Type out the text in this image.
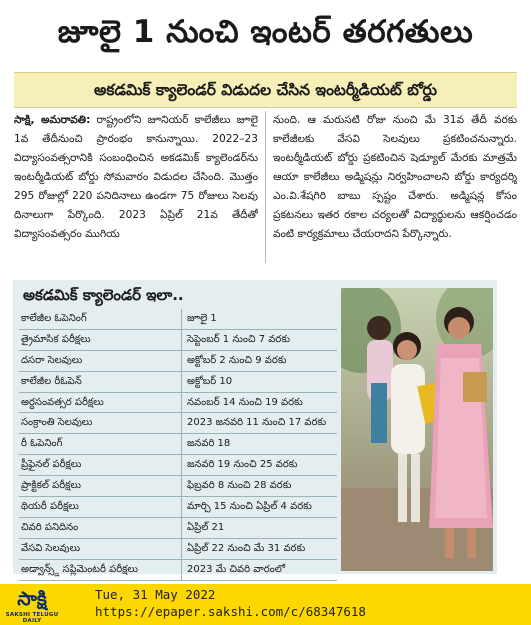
జూలై 1 నుంచి ఇంటర్ తరగతులు
అకడమిక్ క్యాలెండర్ విడుదల చేసిన ఇంటర్మీడియట్ బోర్డు
సాక్షి, అమరావతి: రాష్ట్రంలోని జూనియర్ కాలేజీలు జూలై 1వ తేదీనుంచి ప్రారంభం కానున్నాయి. 2022–23 విద్యాసంవత్సరానికి సంబంధించిన అకడమిక్ క్యాలెండర్‌ను ఇంటర్మీడియట్ బోర్డు సోమవారం విడుదల చేసింది. మొత్తం 295 రోజుల్లో 220 పనిదినాలు ఉండగా 75 రోజులు సెలవు దినాలుగా పేర్కొంది. 2023 ఏప్రిల్ 21వ తేదీతో విద్యాసంవత్సరం ముగియ
నుంది. ఆ మరుసటి రోజు నుంచి మే 31వ తేదీ వరకు కాలేజీలకు వేసవి సెలవులు ప్రకటించనున్నారు. ఇంటర్మీడియట్ బోర్డు ప్రకటించిన షెడ్యూల్ మేరకు మాత్రమే ఆయా కాలేజీలు అడ్మిషన్లు నిర్వహించాలని బోర్డు కార్యదర్శి ఎం.వి.శేషగిరి బాబు స్పష్టం చేశారు. అడ్మిషన్ల కోసం ప్రకటనలు ఇతర రకాల చర్యలతో విద్యార్థులను ఆకర్షించడం వంటి కార్యక్రమాలు చేయరాదని పేర్కొన్నారు.
అకడమిక్ క్యాలెండర్ ఇలా..
కాలేజీల ఓపెనింగ్	జూలై 1
త్రైమాసిక పరీక్షలు	సెప్టెంబర్ 1 నుంచి 7 వరకు
దసరా సెలవులు	అక్టోబర్ 2 నుంచి 9 వరకు
కాలేజీల రీఓపెన్	అక్టోబర్ 10
అర్ధసంవత్సర పరీక్షలు	నవంబర్ 14 నుంచి 19 వరకు
సంక్రాంతి సెలవులు	2023 జనవరి 11 నుంచి 17 వరకు
రీ ఓపెనింగ్	జనవరి 18
ప్రీఫైనల్ పరీక్షలు	జనవరి 19 నుంచి 25 వరకు
ప్రాక్టికల్ పరీక్షలు	ఫిబ్రవరి 8 నుంచి 28 వరకు
థియరీ పరీక్షలు	మార్చి 15 నుంచి ఏప్రిల్ 4 వరకు
చివరి పనిదినం	ఏప్రిల్ 21
వేసవి సెలవులు	ఏప్రిల్ 22 నుంచి మే 31 వరకు
అడ్వాన్స్డ్ సప్లిమెంటరీ పరీక్షలు	2023 మే చివరి వారంలో
సాక్షి
SAKSHI TELUGU DAILY
Tue, 31 May 2022
https://epaper.sakshi.com/c/68347618
